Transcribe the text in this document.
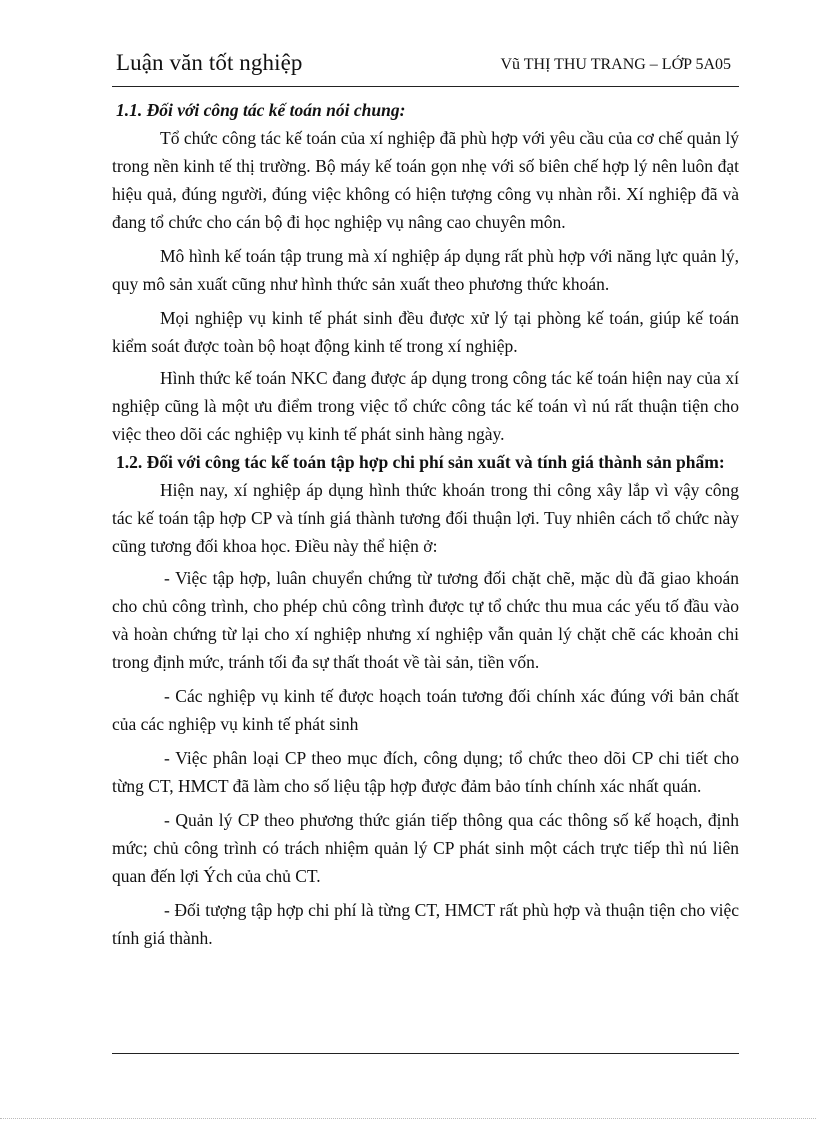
Luận văn tốt nghiệp	Vũ THỊ THU TRANG – LỚP 5A05

1.1. Đối với công tác kế toán nói chung:

Tổ chức công tác kế toán của xí nghiệp đã phù hợp với yêu cầu của cơ chế quản lý trong nền kinh tế thị trường. Bộ máy kế toán gọn nhẹ với số biên chế hợp lý nên luôn đạt hiệu quả, đúng người, đúng việc không có hiện tượng công vụ nhàn rỗi. Xí nghiệp đã và đang tổ chức cho cán bộ đi học nghiệp vụ nâng cao chuyên môn.

Mô hình kế toán tập trung mà xí nghiệp áp dụng rất phù hợp với năng lực quản lý, quy mô sản xuất cũng như hình thức sản xuất theo phương thức khoán.

Mọi nghiệp vụ kinh tế phát sinh đều được xử lý tại phòng kế toán, giúp kế toán kiểm soát được toàn bộ hoạt động kinh tế trong xí nghiệp.

Hình thức kế toán NKC đang được áp dụng trong công tác kế toán hiện nay của xí nghiệp cũng là một ưu điểm trong việc tổ chức công tác kế toán vì nú rất thuận tiện cho việc theo dõi các nghiệp vụ kinh tế phát sinh hàng ngày.

1.2. Đối với công tác kế toán tập hợp chi phí sản xuất và tính giá thành sản phẩm:

Hiện nay, xí nghiệp áp dụng hình thức khoán trong thi công xây lắp vì vậy công tác kế toán tập hợp CP và tính giá thành tương đối thuận lợi. Tuy nhiên cách tổ chức này cũng tương đối khoa học. Điều này thể hiện ở:

- Việc tập hợp, luân chuyển chứng từ tương đối chặt chẽ, mặc dù đã giao khoán cho chủ công trình, cho phép chủ công trình được tự tổ chức thu mua các yếu tố đầu vào và hoàn chứng từ lại cho xí nghiệp nhưng xí nghiệp vẫn quản lý chặt chẽ các khoản chi trong định mức, tránh tối đa sự thất thoát về tài sản, tiền vốn.

- Các nghiệp vụ kinh tế được hoạch toán tương đối chính xác đúng với bản chất của các nghiệp vụ kinh tế phát sinh

- Việc phân loại CP theo mục đích, công dụng; tổ chức theo dõi CP chi tiết cho từng CT, HMCT đã làm cho số liệu tập hợp được đảm bảo tính chính xác nhất quán.

- Quản lý CP theo phương thức gián tiếp thông qua các thông số kế hoạch, định mức; chủ công trình có trách nhiệm quản lý CP phát sinh một cách trực tiếp thì nú liên quan đến lợi Ých của chủ CT.

- Đối tượng tập hợp chi phí là từng CT, HMCT rất phù hợp và thuận tiện cho việc tính giá thành.
